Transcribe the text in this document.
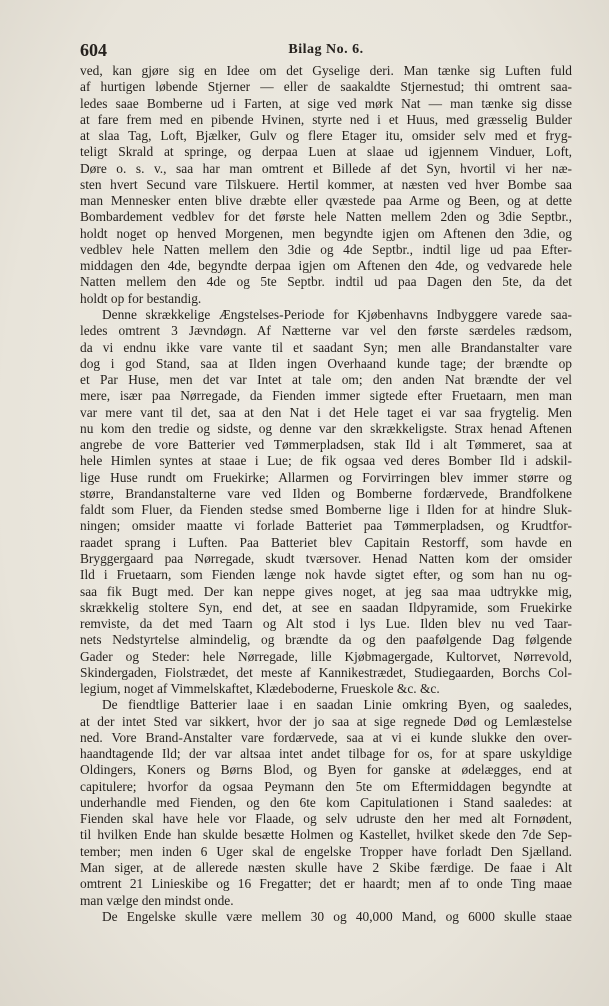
604	Bilag No. 6.
ved, kan gjøre sig en Idee om det Gyselige deri. Man tænke sig Luften fuld
af hurtigen løbende Stjerner — eller de saakaldte Stjernestud; thi omtrent saa-
ledes saae Bomberne ud i Farten, at sige ved mørk Nat — man tænke sig disse
at fare frem med en pibende Hvinen, styrte ned i et Huus, med græsselig Bulder
at slaa Tag, Loft, Bjælker, Gulv og flere Etager itu, omsider selv med et fryg-
teligt Skrald at springe, og derpaa Luen at slaae ud igjennem Vinduer, Loft,
Døre o. s. v., saa har man omtrent et Billede af det Syn, hvortil vi her næ-
sten hvert Secund vare Tilskuere. Hertil kommer, at næsten ved hver Bombe saa
man Mennesker enten blive dræbte eller qvæstede paa Arme og Been, og at dette
Bombardement vedblev for det første hele Natten mellem 2den og 3die Septbr.,
holdt noget op henved Morgenen, men begyndte igjen om Aftenen den 3die, og
vedblev hele Natten mellem den 3die og 4de Septbr., indtil lige ud paa Efter-
middagen den 4de, begyndte derpaa igjen om Aftenen den 4de, og vedvarede hele
Natten mellem den 4de og 5te Septbr. indtil ud paa Dagen den 5te, da det
holdt op for bestandig.
Denne skrækkelige Ængstelses-Periode for Kjøbenhavns Indbyggere varede saa-
ledes omtrent 3 Jævndøgn. Af Nætterne var vel den første særdeles rædsom,
da vi endnu ikke vare vante til et saadant Syn; men alle Brandanstalter vare
dog i god Stand, saa at Ilden ingen Overhaand kunde tage; der brændte op
et Par Huse, men det var Intet at tale om; den anden Nat brændte der vel
mere, især paa Nørregade, da Fienden immer sigtede efter Fruetaarn, men man
var mere vant til det, saa at den Nat i det Hele taget ei var saa frygtelig. Men
nu kom den tredie og sidste, og denne var den skrækkeligste. Strax henad Aftenen
angrebe de vore Batterier ved Tømmerpladsen, stak Ild i alt Tømmeret, saa at
hele Himlen syntes at staae i Lue; de fik ogsaa ved deres Bomber Ild i adskil-
lige Huse rundt om Fruekirke; Allarmen og Forvirringen blev immer større og
større, Brandanstalterne vare ved Ilden og Bomberne fordærvede, Brandfolkene
faldt som Fluer, da Fienden stedse smed Bomberne lige i Ilden for at hindre Sluk-
ningen; omsider maatte vi forlade Batteriet paa Tømmerpladsen, og Krudtfor-
raadet sprang i Luften. Paa Batteriet blev Capitain Restorff, som havde en
Bryggergaard paa Nørregade, skudt tværsover. Henad Natten kom der omsider
Ild i Fruetaarn, som Fienden længe nok havde sigtet efter, og som han nu og-
saa fik Bugt med. Der kan neppe gives noget, at jeg saa maa udtrykke mig,
skrækkelig stoltere Syn, end det, at see en saadan Ildpyramide, som Fruekirke
remviste, da det med Taarn og Alt stod i lys Lue. Ilden blev nu ved Taar-
nets Nedstyrtelse almindelig, og brændte da og den paafølgende Dag følgende
Gader og Steder: hele Nørregade, lille Kjøbmagergade, Kultorvet, Nørrevold,
Skindergaden, Fiolstrædet, det meste af Kannikestrædet, Studiegaarden, Borchs Col-
legium, noget af Vimmelskaftet, Klædeboderne, Frueskole &c. &c.
De fiendtlige Batterier laae i en saadan Linie omkring Byen, og saaledes,
at der intet Sted var sikkert, hvor der jo saa at sige regnede Død og Lemlæstelse
ned. Vore Brand-Anstalter vare fordærvede, saa at vi ei kunde slukke den over-
haandtagende Ild; der var altsaa intet andet tilbage for os, for at spare uskyldige
Oldingers, Koners og Børns Blod, og Byen for ganske at ødelægges, end at
capitulere; hvorfor da ogsaa Peymann den 5te om Eftermiddagen begyndte at
underhandle med Fienden, og den 6te kom Capitulationen i Stand saaledes: at
Fienden skal have hele vor Flaade, og selv udruste den her med alt Fornødent,
til hvilken Ende han skulde besætte Holmen og Kastellet, hvilket skede den 7de Sep-
tember; men inden 6 Uger skal de engelske Tropper have forladt Den Sjælland.
Man siger, at de allerede næsten skulle have 2 Skibe færdige. De faae i Alt
omtrent 21 Linieskibe og 16 Fregatter; det er haardt; men af to onde Ting maae
man vælge den mindst onde.
De Engelske skulle være mellem 30 og 40,000 Mand, og 6000 skulle staae
